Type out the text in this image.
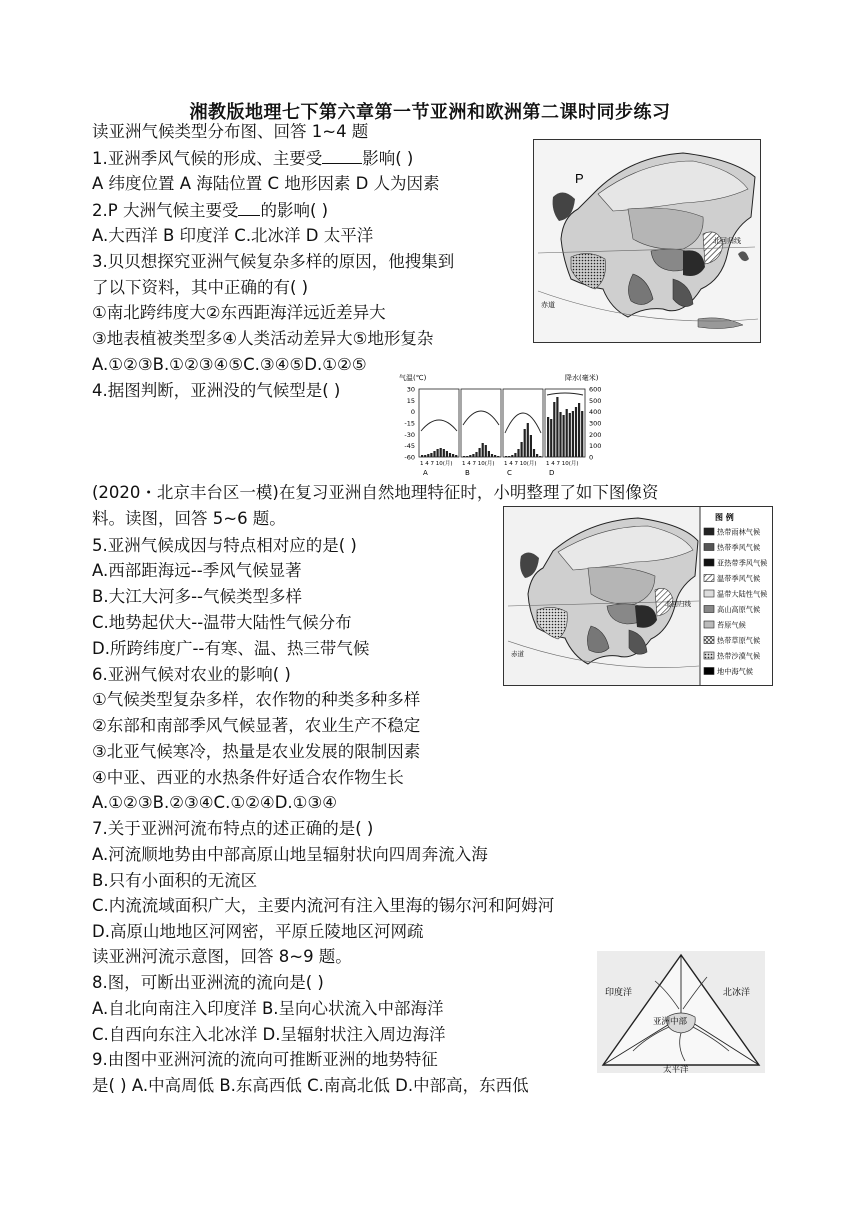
湘教版地理七下第六章第一节亚洲和欧洲第二课时同步练习
读亚洲气候类型分布图、回答 1~4 题
1.亚洲季风气候的形成、主要受 影响( )
A 纬度位置 A 海陆位置 C 地形因素 D 人为因素
2.P 大洲气候主要受 的影响( )
A.大西洋 B 印度洋 C.北冰洋 D 太平洋
3.贝贝想探究亚洲气候复杂多样的原因，他搜集到
了以下资料，其中正确的有( )
①南北跨纬度大②东西距海洋远近差异大
③地表植被类型多④人类活动差异大⑤地形复杂
A.①②③B.①②③④⑤C.③④⑤D.①②⑤
4.据图判断，亚洲没的气候型是( )
(2020・北京丰台区一模)在复习亚洲自然地理特征时，小明整理了如下图像资
料。读图，回答 5~6 题。
5.亚洲气候成因与特点相对应的是( )
A.西部距海远--季风气候显著
B.大江大河多--气候类型多样
C.地势起伏大--温带大陆性气候分布
D.所跨纬度广--有寒、温、热三带气候
6.亚洲气候对农业的影响( )
①气候类型复杂多样，农作物的种类多种多样
②东部和南部季风气候显著，农业生产不稳定
③北亚气候寒冷，热量是农业发展的限制因素
④中亚、西亚的水热条件好适合农作物生长
A.①②③B.②③④C.①②④D.①③④
7.关于亚洲河流布特点的述正确的是( )
A.河流顺地势由中部高原山地呈辐射状向四周奔流入海
B.只有小面积的无流区
C.内流流域面积广大，主要内流河有注入里海的锡尔河和阿姆河
D.高原山地地区河网密，平原丘陵地区河网疏
读亚洲河流示意图，回答 8~9 题。
8.图，可断出亚洲流的流向是( )
A.自北向南注入印度洋 B.呈向心状流入中部海洋
C.自西向东注入北冰洋 D.呈辐射状注入周边海洋
9.由图中亚洲河流的流向可推断亚洲的地势特征
是( ) A.中高周低 B.东高西低 C.南高北低 D.中部高，东西低
P
北回归线
赤道
气温(℃)	降水(毫米)
30
15
0
-15
-30
-45
-60
600
500
400
300
200
100
0
1 4 7 10(月)
A
1 4 7 10(月)
B
1 4 7 10(月)
C
1 4 7 10(月)
D
北回归线
赤道
图 例
热带雨林气候
热带季风气候
亚热带季风气候
温带季风气候
温带大陆性气候
高山高原气候
苔原气候
热带草原气候
热带沙漠气候
地中海气候
印度洋	北冰洋
亚洲中部
太平洋
